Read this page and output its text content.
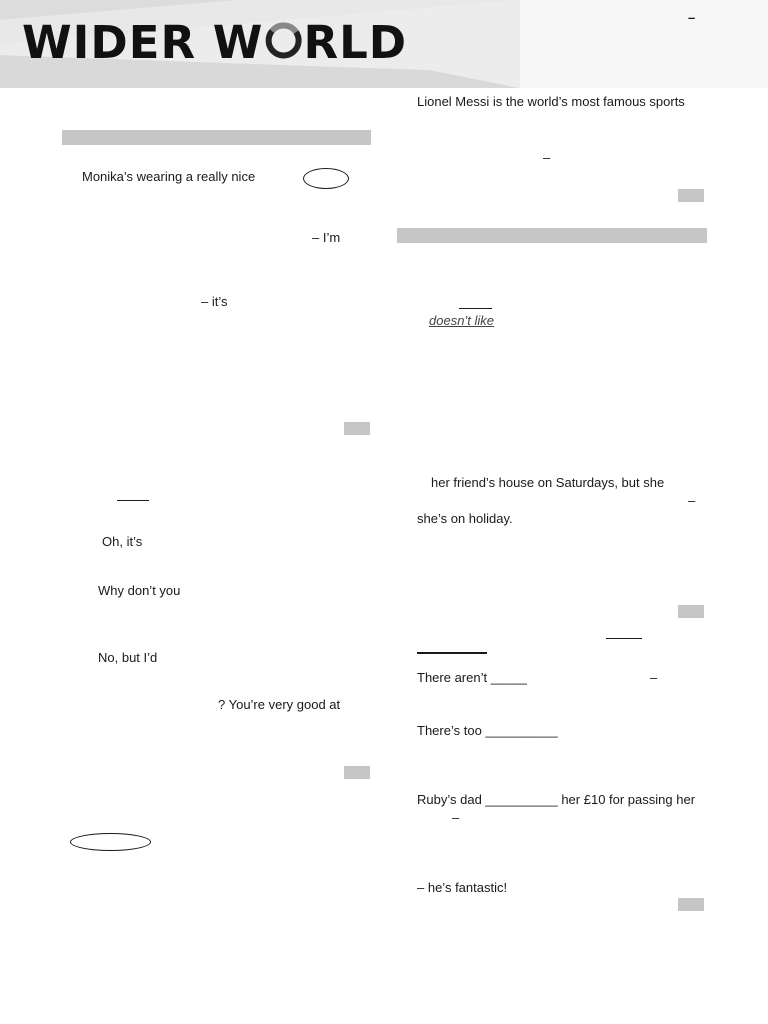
WIDER W RLD	–
Monika’s wearing a really nice
– I’m
– it’s
Oh, it’s
Why don’t you
No, but I’d
? You’re very good at
Lionel Messi is the world’s most famous sports
–
doesn’t like
her friend’s house on Saturdays, but she
–
she’s on holiday.
There aren’t _____	–
There’s too __________
Ruby’s dad __________ her £10 for passing her
–
– he’s fantastic!
